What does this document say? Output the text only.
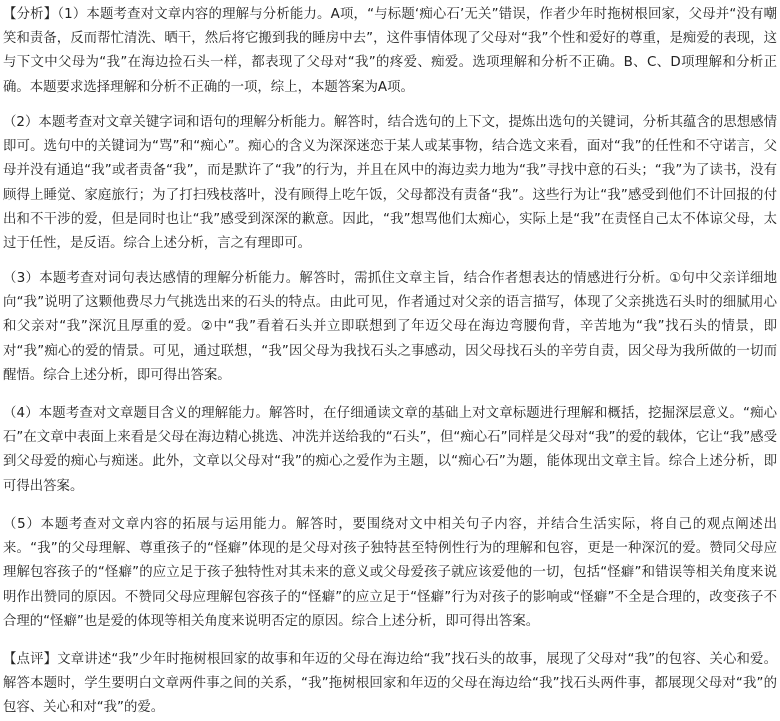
【分析】（1）本题考查对文章内容的理解与分析能力。A项，“与标题‘痴心石’无关”错误，作者少年时拖树根回家，父母并“没有嘲笑和责备，反而帮忙清洗、晒干，然后将它搬到我的睡房中去”，这件事情体现了父母对“我”个性和爱好的尊重，是痴爱的表现，这与下文中父母为“我”在海边捡石头一样，都表现了父母对“我”的疼爱、痴爱。选项理解和分析不正确。B、C、D项理解和分析正确。本题要求选择理解和分析不正确的一项，综上，本题答案为A项。

（2）本题考查对文章关键字词和语句的理解分析能力。解答时，结合选句的上下文，提炼出选句的关键词，分析其蕴含的思想感情即可。选句中的关键词为“骂”和“痴心”。痴心的含义为深深迷恋于某人或某事物，结合选文来看，面对“我”的任性和不守诺言，父母并没有通追“我”或者责备“我”，而是默许了“我”的行为，并且在风中的海边卖力地为“我”寻找中意的石头；“我”为了读书，没有顾得上睡觉、家庭旅行；为了打扫残枝落叶，没有顾得上吃午饭，父母都没有责备“我”。这些行为让“我”感受到他们不计回报的付出和不干涉的爱，但是同时也让“我”感受到深深的歉意。因此，“我”想骂他们太痴心，实际上是“我”在责怪自己太不体谅父母，太过于任性，是反语。综合上述分析，言之有理即可。

（3）本题考查对词句表达感情的理解分析能力。解答时，需抓住文章主旨，结合作者想表达的情感进行分析。①句中父亲详细地向“我”说明了这颗他费尽力气挑选出来的石头的特点。由此可见，作者通过对父亲的语言描写，体现了父亲挑选石头时的细腻用心和父亲对“我”深沉且厚重的爱。②中“我”看着石头并立即联想到了年迈父母在海边弯腰佝背，辛苦地为“我”找石头的情景，即对“我”痴心的爱的情景。可见，通过联想，“我”因父母为我找石头之事感动，因父母找石头的辛劳自责，因父母为我所做的一切而醒悟。综合上述分析，即可得出答案。

（4）本题考查对文章题目含义的理解能力。解答时，在仔细通读文章的基础上对文章标题进行理解和概括，挖掘深层意义。“痴心石”在文章中表面上来看是父母在海边精心挑选、冲洗并送给我的“石头”，但“痴心石”同样是父母对“我”的爱的载体，它让“我”感受到父母爱的痴心与痴迷。此外，文章以父母对“我”的痴心之爱作为主题，以“痴心石”为题，能体现出文章主旨。综合上述分析，即可得出答案。

（5）本题考查对文章内容的拓展与运用能力。解答时，要围绕对文中相关句子内容，并结合生活实际，将自己的观点阐述出来。“我”的父母理解、尊重孩子的“怪癖”体现的是父母对孩子独特甚至特例性行为的理解和包容，更是一种深沉的爱。赞同父母应理解包容孩子的“怪癖”的应立足于孩子独特性对其未来的意义或父母爱孩子就应该爱他的一切，包括“怪癖”和错误等相关角度来说明作出赞同的原因。不赞同父母应理解包容孩子的“怪癖”的应立足于“怪癖”行为对孩子的影响或“怪癖”不全是合理的，改变孩子不合理的“怪癖”也是爱的体现等相关角度来说明否定的原因。综合上述分析，即可得出答案。

【点评】文章讲述“我”少年时拖树根回家的故事和年迈的父母在海边给“我”找石头的故事，展现了父母对“我”的包容、关心和爱。解答本题时，学生要明白文章两件事之间的关系，“我”拖树根回家和年迈的父母在海边给“我”找石头两件事，都展现父母对“我”的包容、关心和对“我”的爱。
